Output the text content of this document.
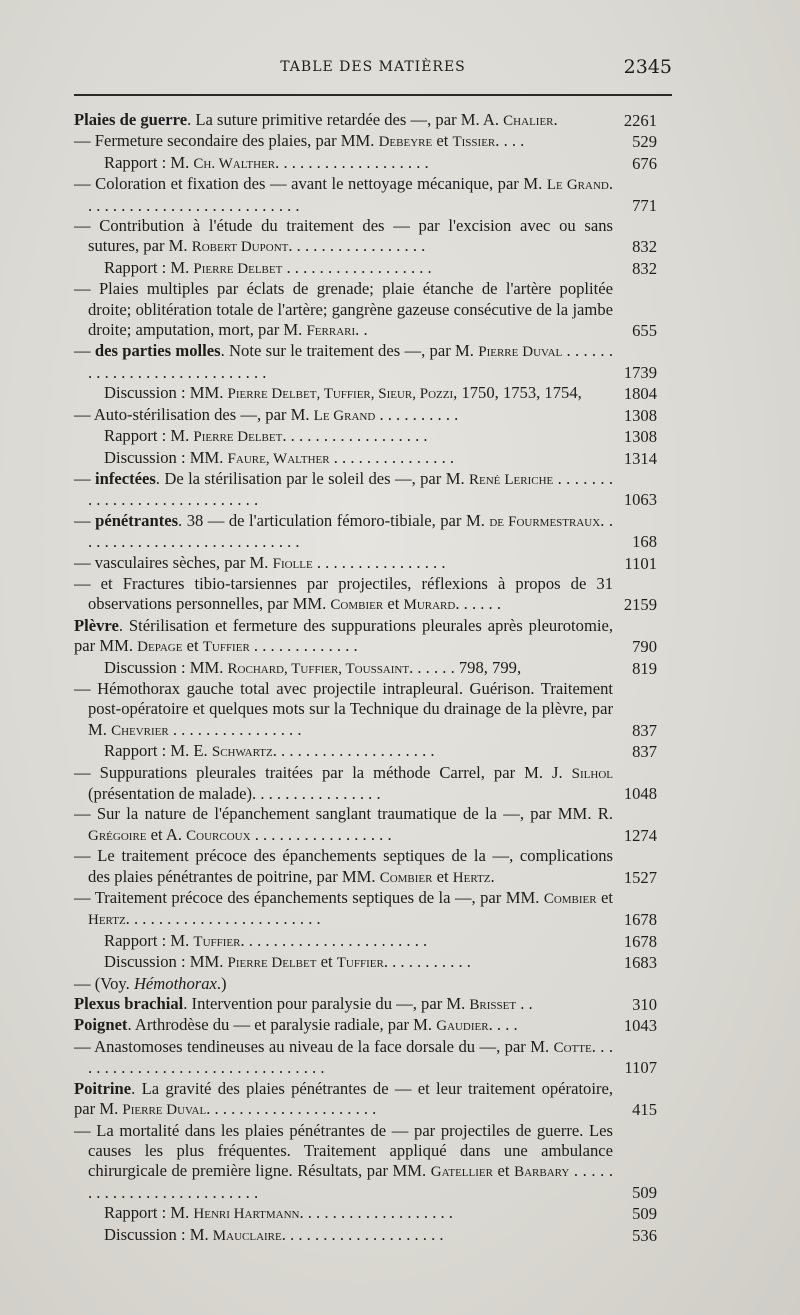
TABLE DES MATIÈRES	2345
Plaies de guerre. La suture primitive retardée des —, par M. A. Chalier.	2261
— Fermeture secondaire des plaies, par MM. Debeyre et Tissier. . . .	529
Rapport : M. Ch. Walther. . . . . . . . . . . . . . . . . . .	676
— Coloration et fixation des — avant le nettoyage mécanique, par M. Le Grand. . . . . . . . . . . . . . . . . . . . . . . . . . .	771
— Contribution à l'étude du traitement des — par l'excision avec ou sans sutures, par M. Robert Dupont. . . . . . . . . . . . . . . . .	832
Rapport : M. Pierre Delbet . . . . . . . . . . . . . . . . . .	832
— Plaies multiples par éclats de grenade; plaie étanche de l'artère poplitée droite; oblitération totale de l'artère; gangrène gazeuse consécutive de la jambe droite; amputation, mort, par M. Ferrari. .	655
— des parties molles. Note sur le traitement des —, par M. Pierre Duval . . . . . . . . . . . . . . . . . . . . . . . . . . . .	1739
Discussion : MM. Pierre Delbet, Tuffier, Sieur, Pozzi, 1750, 1753, 1754,	1804
— Auto-stérilisation des —, par M. Le Grand . . . . . . . . . .	1308
Rapport : M. Pierre Delbet. . . . . . . . . . . . . . . . . .	1308
Discussion : MM. Faure, Walther . . . . . . . . . . . . . . .	1314
— infectées. De la stérilisation par le soleil des —, par M. René Leriche . . . . . . . . . . . . . . . . . . . . . . . . . . . .	1063
— pénétrantes. 38 — de l'articulation fémoro-tibiale, par M. de Fourmestraux. . . . . . . . . . . . . . . . . . . . . . . . . . . .	168
— vasculaires sèches, par M. Fiolle . . . . . . . . . . . . . . . .	1101
— et Fractures tibio-tarsiennes par projectiles, réflexions à propos de 31 observations personnelles, par MM. Combier et Murard. . . . . .	2159
Plèvre. Stérilisation et fermeture des suppurations pleurales après pleurotomie, par MM. Depage et Tuffier . . . . . . . . . . . . .	790
Discussion : MM. Rochard, Tuffier, Toussaint. . . . . . 798, 799,	819
— Hémothorax gauche total avec projectile intrapleural. Guérison. Traitement post-opératoire et quelques mots sur la Technique du drainage de la plèvre, par M. Chevrier . . . . . . . . . . . . . . . .	837
Rapport : M. E. Schwartz. . . . . . . . . . . . . . . . . . . .	837
— Suppurations pleurales traitées par la méthode Carrel, par M. J. Silhol (présentation de malade). . . . . . . . . . . . . . . .	1048
— Sur la nature de l'épanchement sanglant traumatique de la —, par MM. R. Grégoire et A. Courcoux . . . . . . . . . . . . . . . . .	1274
— Le traitement précoce des épanchements septiques de la —, complications des plaies pénétrantes de poitrine, par MM. Combier et Hertz.	1527
— Traitement précoce des épanchements septiques de la —, par MM. Combier et Hertz. . . . . . . . . . . . . . . . . . . . . . . .	1678
Rapport : M. Tuffier. . . . . . . . . . . . . . . . . . . . . . .	1678
Discussion : MM. Pierre Delbet et Tuffier. . . . . . . . . . .	1683
— (Voy. Hémothorax.)
Plexus brachial. Intervention pour paralysie du —, par M. Brisset . .	310
Poignet. Arthrodèse du — et paralysie radiale, par M. Gaudier. . . .	1043
— Anastomoses tendineuses au niveau de la face dorsale du —, par M. Cotte. . . . . . . . . . . . . . . . . . . . . . . . . . . . . . . .	1107
Poitrine. La gravité des plaies pénétrantes de — et leur traitement opératoire, par M. Pierre Duval. . . . . . . . . . . . . . . . . . . . .	415
— La mortalité dans les plaies pénétrantes de — par projectiles de guerre. Les causes les plus fréquentes. Traitement appliqué dans une ambulance chirurgicale de première ligne. Résultats, par MM. Gatellier et Barbary . . . . . . . . . . . . . . . . . . . . . . . . . .	509
Rapport : M. Henri Hartmann. . . . . . . . . . . . . . . . . . .	509
Discussion : M. Mauclaire. . . . . . . . . . . . . . . . . . . .	536
